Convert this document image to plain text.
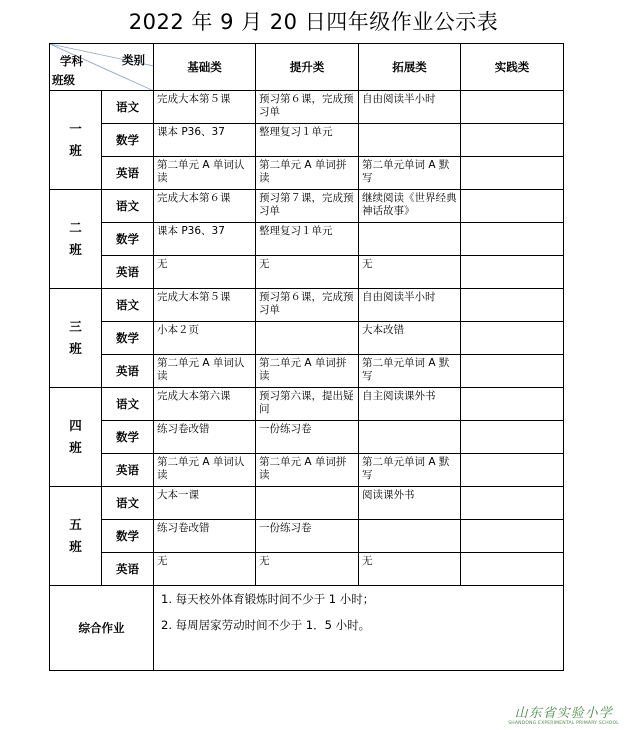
2022 年 9 月 20 日四年级作业公示表
类别
学科
班级		基础类	提升类	拓展类	实践类

一
班	语文	完成大本第５课	预习第６课，完成预习单	自由阅读半小时	
	数学	课本 P36、37	整理复习１单元		
	英语	第二单元 A 单词认读	第二单元 A 单词拼读	第二单元单词 A 默写	

二
班	语文	完成大本第６课	预习第７课，完成预习单	继续阅读《世界经典神话故事》	
	数学	课本 P36、37	整理复习１单元		
	英语	无	无	无	

三
班	语文	完成大本第５课	预习第６课，完成预习单	自由阅读半小时	
	数学	小本２页		大本改错	
	英语	第二单元 A 单词认读	第二单元 A 单词拼读	第二单元单词 A 默写	

四
班	语文	完成大本第六课	预习第六课，提出疑问	自主阅读课外书	
	数学	练习卷改错	一份练习卷		
	英语	第二单元 A 单词认读	第二单元 A 单词拼读	第二单元单词 A 默写	

五
班	语文	大本一课		阅读课外书	
	数学	练习卷改错	一份练习卷		
	英语	无	无	无	
综合作业		1. 每天校外体育锻炼时间不少于 1 小时；

2. 每周居家劳动时间不少于 1．5 小时。			

山东省实验小学
SHANDONG EXPERIMENTAL PRIMARY SCHOOL
